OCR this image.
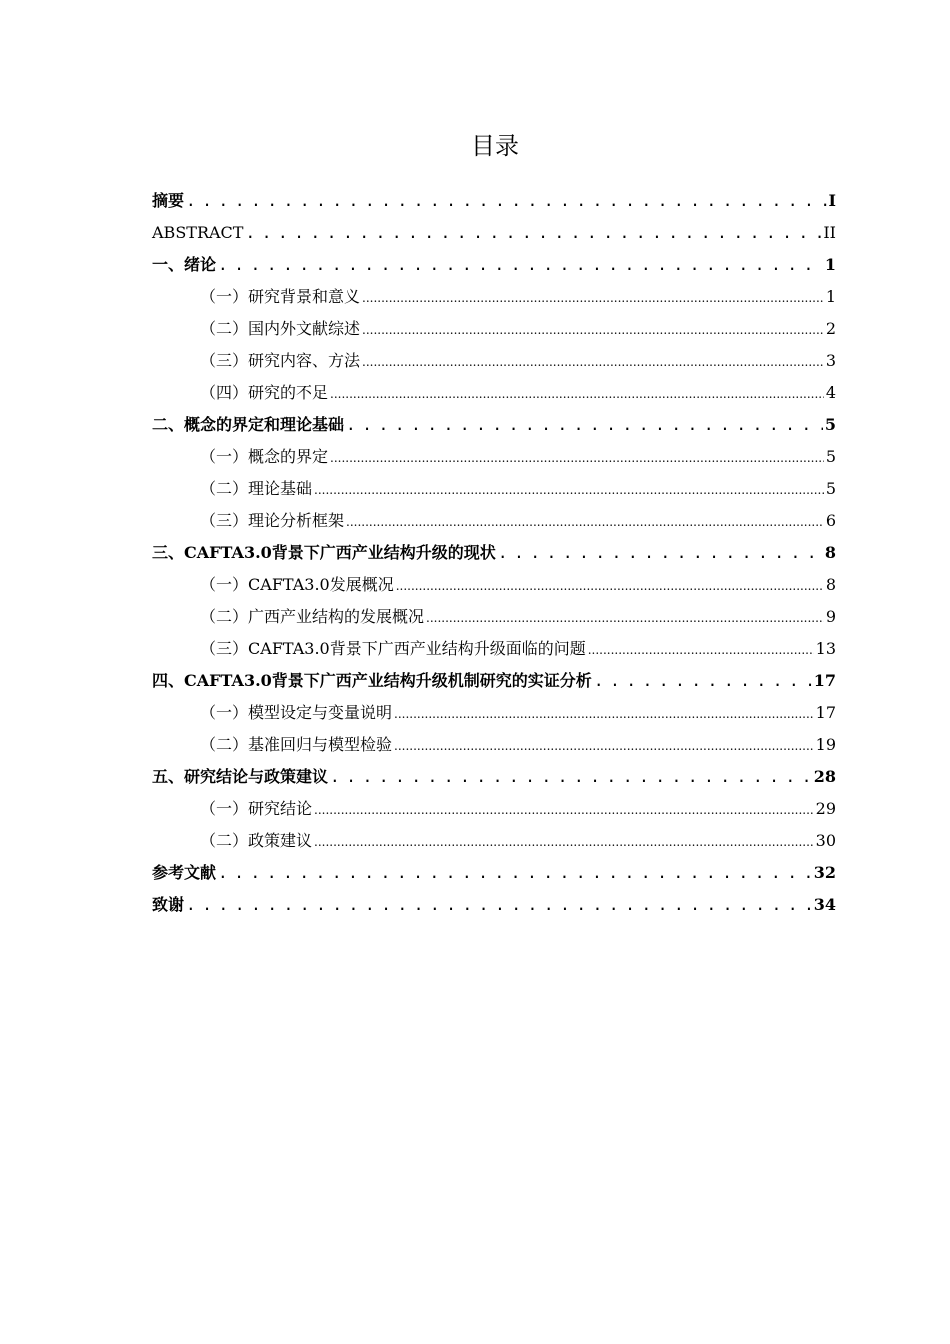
目录
摘要 . . .	I
ABSTRACT . . .	II
一、 绪论 . . .	1
（一） 研究背景和意义 .....	1
（二） 国内外文献综述 .....	2
（三） 研究内容、方法 .....	3
（四） 研究的不足 .....	4
二、 概念的界定和理论基础 . . .	5
（一） 概念的界定 .....	5
（二） 理论基础 .....	5
（三） 理论分析框架 .....	6
三、 CAFTA3.0背景下广西产业结构升级的现状 . . .	8
（一） CAFTA3.0发展概况 .....	8
（二） 广西产业结构的发展概况 .....	9
（三） CAFTA3.0背景下广西产业结构升级面临的问题 .....	13
四、 CAFTA3.0背景下广西产业结构升级机制研究的实证分析 . . .	17
（一） 模型设定与变量说明 .....	17
（二） 基准回归与模型检验 .....	19
五、 研究结论与政策建议 . . .	28
（一） 研究结论 .....	29
（二） 政策建议 .....	30
参考文献 . . .	32
致谢 . . .	34
